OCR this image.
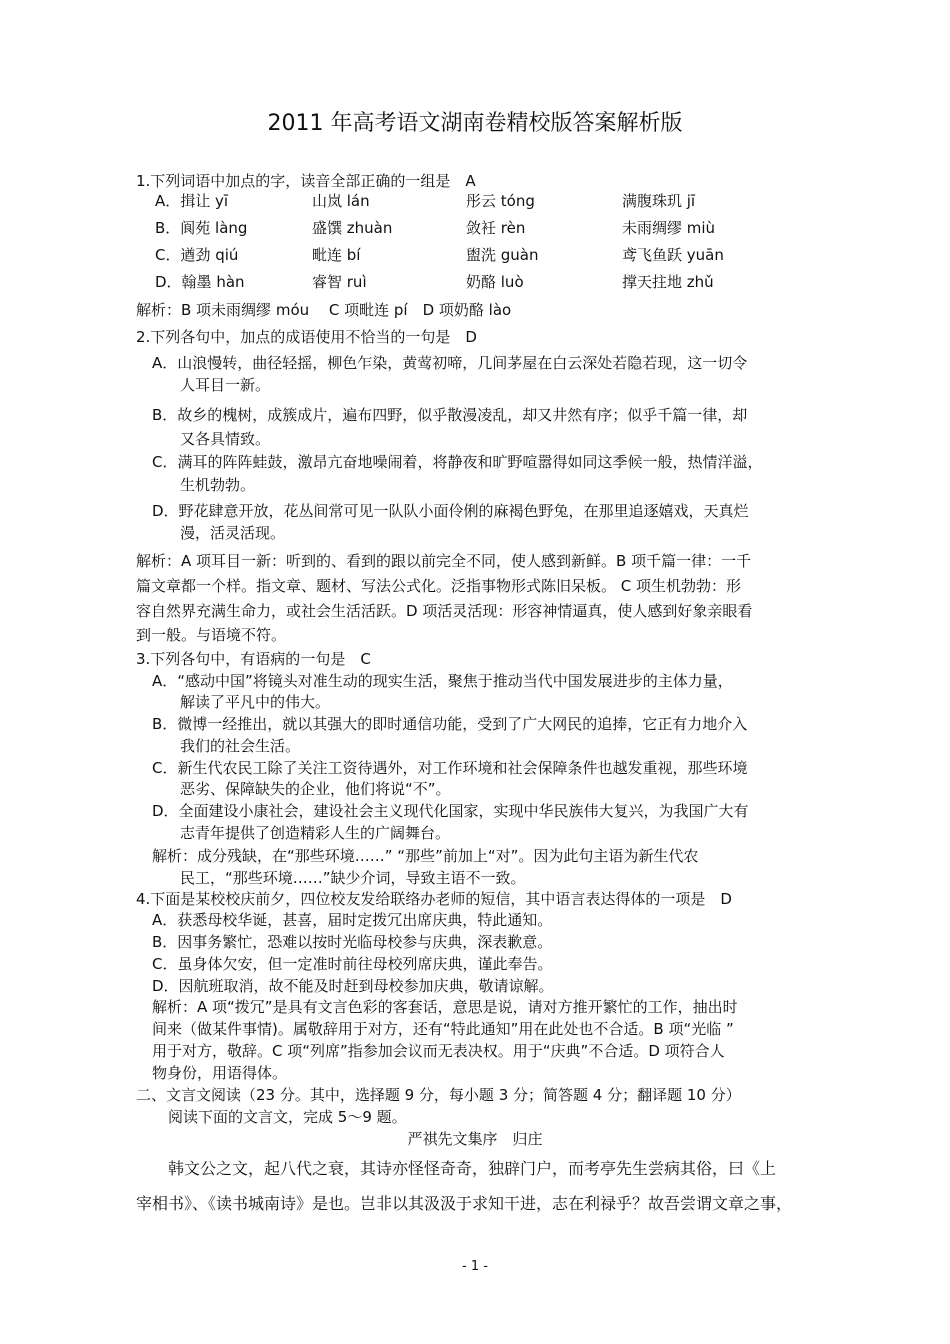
2011 年高考语文湖南卷精校版答案解析版
1.下列词语中加点的字，读音全部正确的一组是　A
A．揖让 yī	山岚 lán	彤云 tóng	满腹珠玑 jī
B．阆苑 làng	盛馔 zhuàn	敛衽 rèn	未雨绸缪 miù
C．遒劲 qiú	毗连 bí	盥洗 guàn	鸢飞鱼跃 yuān
D．翰墨 hàn	睿智 ruì	奶酪 luò	撑天拄地 zhǔ
解析：B 项未雨绸缪 móu　 C 项毗连 pí　D 项奶酪 lào
2.下列各句中，加点的成语使用不恰当的一句是　D
A．山浪慢转，曲径轻摇，柳色乍染，黄莺初啼，几间茅屋在白云深处若隐若现，这一切令
人耳目一新。
B．故乡的槐树，成簇成片，遍布四野，似乎散漫凌乱，却又井然有序；似乎千篇一律，却
又各具情致。
C．满耳的阵阵蛙鼓，激昂亢奋地噪闹着，将静夜和旷野喧嚣得如同这季候一般，热情洋溢，
生机勃勃。
D．野花肆意开放，花丛间常可见一队队小面伶俐的麻褐色野兔，在那里追逐嬉戏，天真烂
漫，活灵活现。
解析：A 项耳目一新：听到的、看到的跟以前完全不同，使人感到新鲜。B 项千篇一律：一千
篇文章都一个样。指文章、题材、写法公式化。泛指事物形式陈旧呆板。 C 项生机勃勃：形
容自然界充满生命力，或社会生活活跃。D 项活灵活现：形容神情逼真，使人感到好象亲眼看
到一般。与语境不符。
3.下列各句中，有语病的一句是　C
A．“感动中国”将镜头对准生动的现实生活，聚焦于推动当代中国发展进步的主体力量，
解读了平凡中的伟大。
B．微博一经推出，就以其强大的即时通信功能，受到了广大网民的追捧，它正有力地介入
我们的社会生活。
C．新生代农民工除了关注工资待遇外，对工作环境和社会保障条件也越发重视，那些环境
恶劣、保障缺失的企业，他们将说“不”。
D．全面建设小康社会，建设社会主义现代化国家，实现中华民族伟大复兴，为我国广大有
志青年提供了创造精彩人生的广阔舞台。
解析：成分残缺，在“那些环境……” “那些”前加上“对”。因为此句主语为新生代农
民工，“那些环境……”缺少介词，导致主语不一致。
4.下面是某校校庆前夕，四位校友发给联络办老师的短信，其中语言表达得体的一项是　D
A．获悉母校华诞，甚喜，届时定拨冗出席庆典，特此通知。
B．因事务繁忙，恐难以按时光临母校参与庆典，深表歉意。
C．虽身体欠安，但一定准时前往母校列席庆典，谨此奉告。
D．因航班取消，故不能及时赶到母校参加庆典，敬请谅解。
解析：A 项“拨冗”是具有文言色彩的客套话，意思是说，请对方推开繁忙的工作，抽出时
间来（做某件事情)。属敬辞用于对方，还有“特此通知”用在此处也不合适。B 项“光临 ”
用于对方，敬辞。C 项“列席”指参加会议而无表决权。用于“庆典”不合适。D 项符合人
物身份，用语得体。
二、文言文阅读（23 分。其中，选择题 9 分，每小题 3 分；简答题 4 分；翻译题 10 分）
阅读下面的文言文，完成 5～9 题。
严祺先文集序　归庄
韩文公之文，起八代之衰，其诗亦怪怪奇奇，独辟门户，而考亭先生尝病其俗，曰《上
宰相书》、《读书城南诗》是也。岂非以其汲汲于求知干进，志在利禄乎？故吾尝谓文章之事，
- 1 -
